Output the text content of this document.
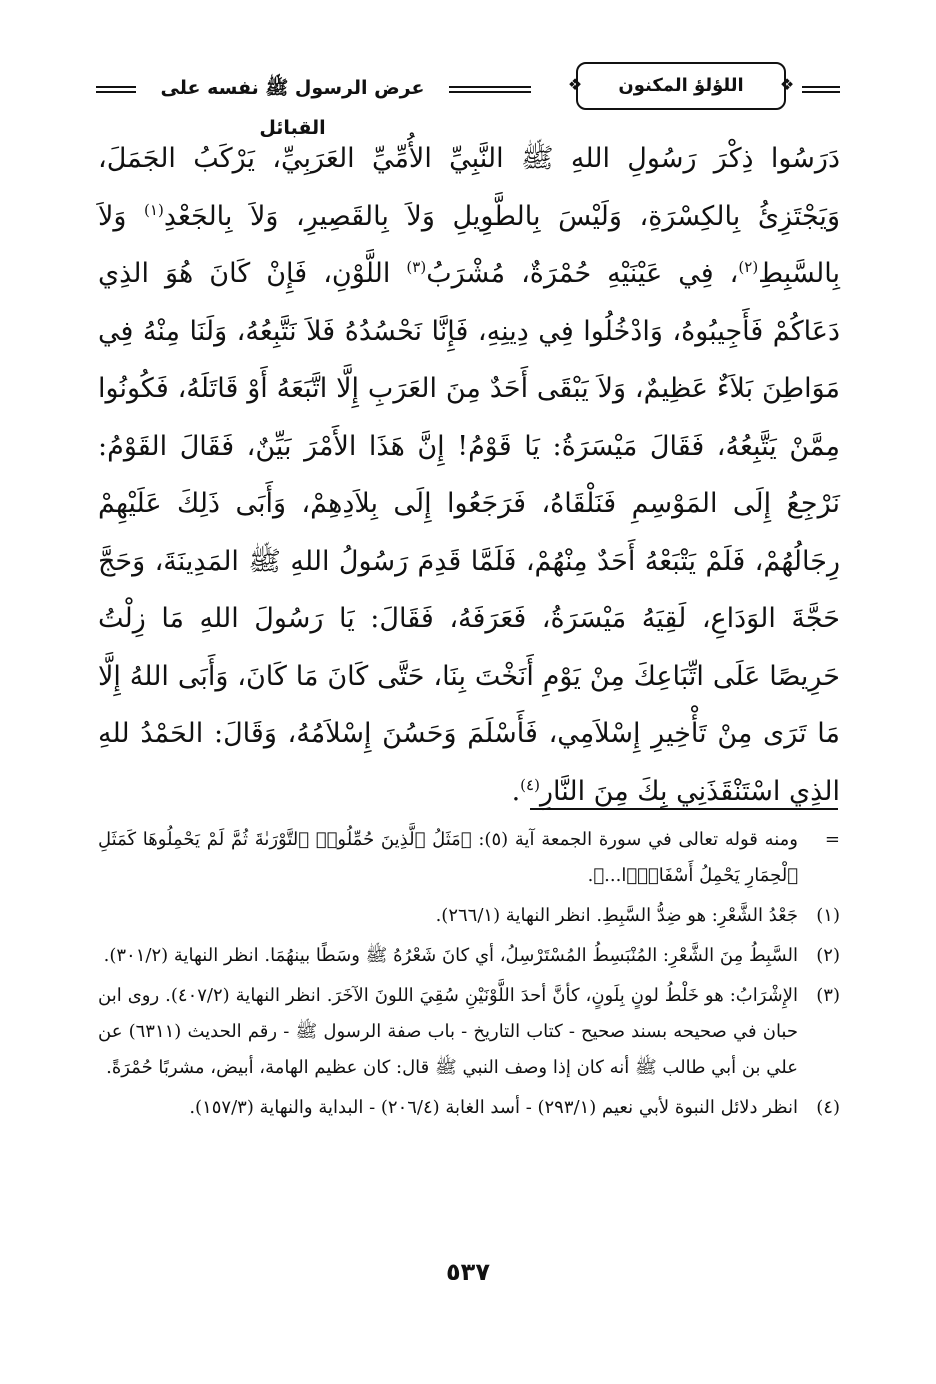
عرض الرسول ﷺ نفسه على القبائل
❖ اللؤلؤ المكنون ❖

دَرَسُوا ذِكْرَ رَسُولِ اللهِ ﷺ النَّبِيِّ الأُمِّيِّ العَرَبِيِّ، يَرْكَبُ الجَمَلَ، وَيَجْتَزِئُ بِالكِسْرَةِ، وَلَيْسَ بِالطَّوِيلِ وَلاَ بِالقَصِيرِ، وَلاَ بِالجَعْدِ$^{(١)}$ وَلاَ بِالسَّبِطِ$^{(٢)}$، فِي عَيْنَيْهِ حُمْرَةٌ، مُشْرَبُ$^{(٣)}$ اللَّوْنِ، فَإِنْ كَانَ هُوَ الذِي دَعَاكُمْ فَأَجِيبُوهُ، وَادْخُلُوا فِي دِينِهِ، فَإِنَّا نَحْسُدُهُ فَلاَ نَتَّبِعُهُ، وَلَنَا مِنْهُ فِي مَوَاطِنَ بَلاَءٌ عَظِيمٌ، وَلاَ يَبْقَى أَحَدٌ مِنَ العَرَبِ إِلَّا اتَّبَعَهُ أَوْ قَاتَلَهُ، فَكُونُوا مِمَّنْ يَتَّبِعُهُ، فَقَالَ مَيْسَرَةُ: يَا قَوْمُ! إِنَّ هَذَا الأَمْرَ بَيِّنٌ، فَقَالَ القَوْمُ: نَرْجِعُ إِلَى المَوْسِمِ فَنَلْقَاهُ، فَرَجَعُوا إِلَى بِلاَدِهِمْ، وَأَبَى ذَلِكَ عَلَيْهِمْ رِجَالُهُمْ، فَلَمْ يَتْبَعْهُ أَحَدٌ مِنْهُمْ، فَلَمَّا قَدِمَ رَسُولُ اللهِ ﷺ المَدِينَةَ، وَحَجَّ حَجَّةَ الوَدَاعِ، لَقِيَهُ مَيْسَرَةُ، فَعَرَفَهُ، فَقَالَ: يَا رَسُولَ اللهِ مَا زِلْتُ حَرِيصًا عَلَى اتِّبَاعِكَ مِنْ يَوْمِ أَنَخْتَ بِنَا، حَتَّى كَانَ مَا كَانَ، وَأَبَى اللهُ إِلَّا مَا تَرَى مِنْ تَأْخِيرِ إِسْلاَمِي، فَأَسْلَمَ وَحَسُنَ إِسْلاَمُهُ، وَقَالَ: الحَمْدُ للهِ الذِي اسْتَنْقَذَنِي بِكَ مِنَ النَّارِ$^{(٤)}$.

=
ومنه قوله تعالى في سورة الجمعة آية (٥): ﴿مَثَلُ ٱلَّذِينَ حُمِّلُوا۟ ٱلتَّوْرَىٰةَ ثُمَّ لَمْ يَحْمِلُوهَا كَمَثَلِ ٱلْحِمَارِ يَحْمِلُ أَسْفَارًۢا...﴾.
(١)
جَعْدُ الشَّعْرِ: هو ضِدُّ السَّبِطِ. انظر النهاية (٢٦٦/١).
(٢)
السَّبِطُ مِنَ الشَّعْرِ: المُنْبَسِطُ المُسْتَرْسِلُ، أي كانَ شَعْرُهُ ﷺ وسَطًا بينهُمَا. انظر النهاية (٣٠١/٢).
(٣)
الإِشْرَابُ: هو خَلْطُ لونٍ بِلَونٍ، كأنَّ أحدَ اللَّوْنَيْنِ سُقِيَ اللونَ الآخَرَ. انظر النهاية (٤٠٧/٢). روى ابن حبان في صحيحه بسند صحيح - كتاب التاريخ - باب صفة الرسول ﷺ - رقم الحديث (٦٣١١) عن علي بن أبي طالب ﷺ أنه كان إذا وصف النبي ﷺ قال: كان عظيم الهامة، أبيض، مشربًا حُمْرَةً.
(٤)
انظر دلائل النبوة لأبي نعيم (٢٩٣/١) - أسد الغابة (٢٠٦/٤) - البداية والنهاية (١٥٧/٣).
٥٣٧
